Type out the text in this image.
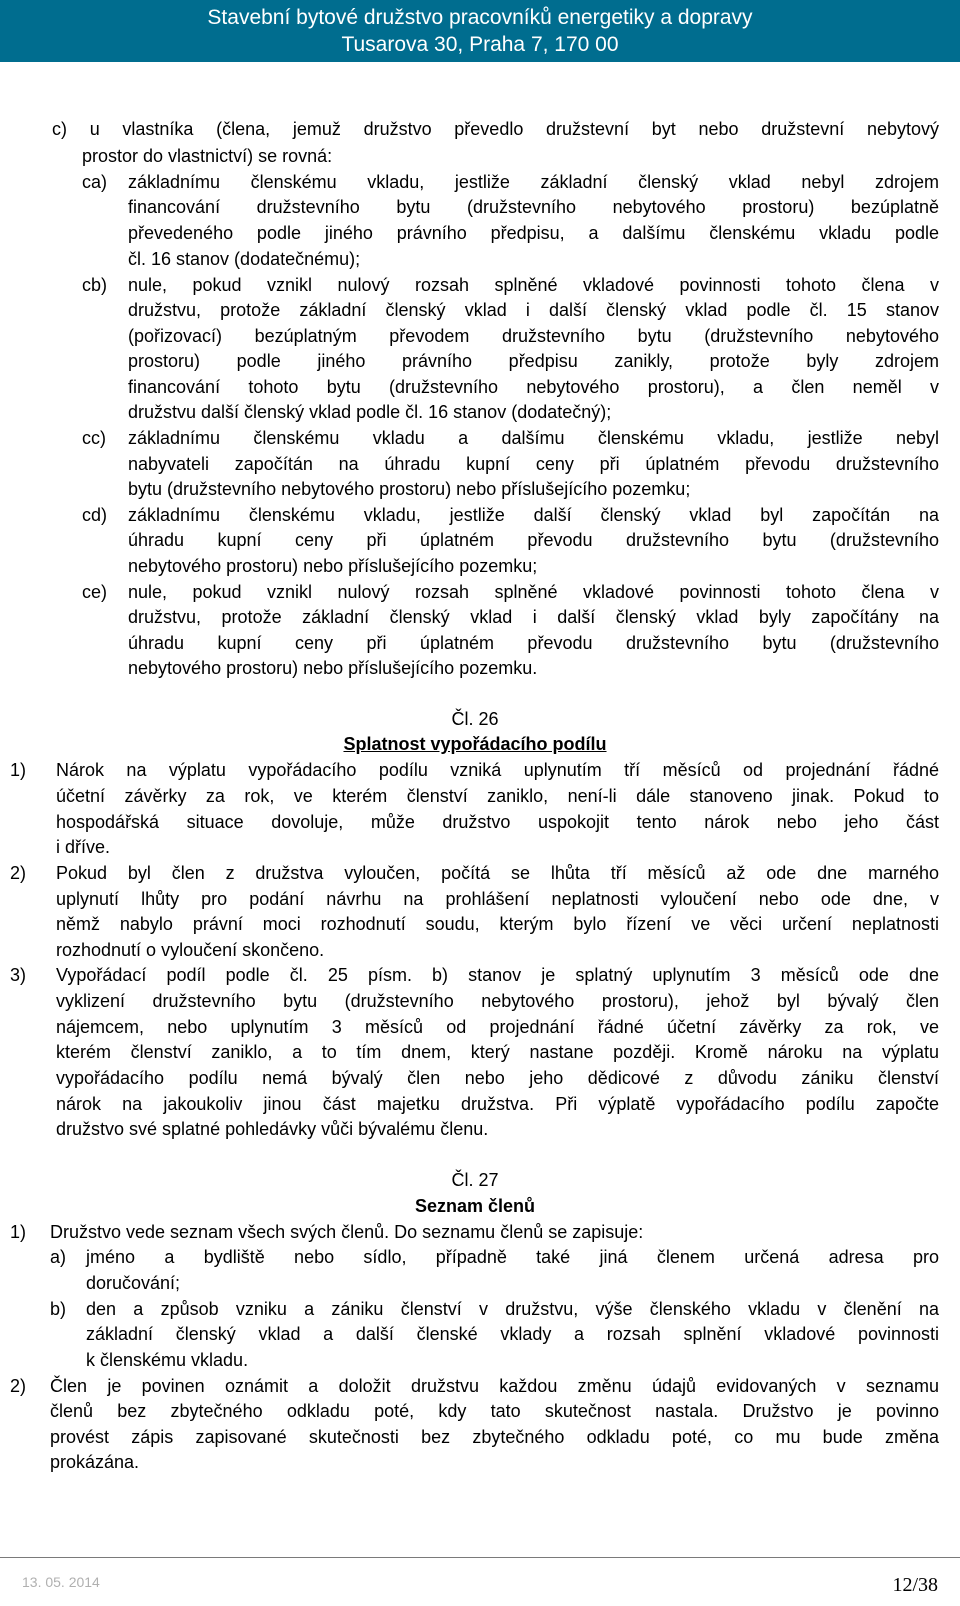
Stavební bytové družstvo pracovníků energetiky a dopravy
Tusarova 30, Praha 7, 170 00
c) u vlastníka (člena, jemuž družstvo převedlo družstevní byt nebo družstevní nebytový
prostor do vlastnictví) se rovná:
ca) základnímu členskému vkladu, jestliže základní členský vklad nebyl zdrojem
financování družstevního bytu (družstevního nebytového prostoru) bezúplatně
převedeného podle jiného právního předpisu, a dalšímu členskému vkladu podle
čl. 16 stanov (dodatečnému);
cb) nule, pokud vznikl nulový rozsah splněné vkladové povinnosti tohoto člena v
družstvu, protože základní členský vklad i další členský vklad podle čl. 15 stanov
(pořizovací) bezúplatným převodem družstevního bytu (družstevního nebytového
prostoru) podle jiného právního předpisu zanikly, protože byly zdrojem
financování tohoto bytu (družstevního nebytového prostoru), a člen neměl v
družstvu další členský vklad podle čl. 16 stanov (dodatečný);
cc) základnímu členskému vkladu a dalšímu členskému vkladu, jestliže nebyl
nabyvateli započítán na úhradu kupní ceny při úplatném převodu družstevního
bytu (družstevního nebytového prostoru) nebo příslušejícího pozemku;
cd) základnímu členskému vkladu, jestliže další členský vklad byl započítán na
úhradu kupní ceny při úplatném převodu družstevního bytu (družstevního
nebytového prostoru) nebo příslušejícího pozemku;
ce) nule, pokud vznikl nulový rozsah splněné vkladové povinnosti tohoto člena v
družstvu, protože základní členský vklad i další členský vklad byly započítány na
úhradu kupní ceny při úplatném převodu družstevního bytu (družstevního
nebytového prostoru) nebo příslušejícího pozemku.
Čl. 26
Splatnost vypořádacího podílu
1) Nárok na výplatu vypořádacího podílu vzniká uplynutím tří měsíců od projednání řádné
účetní závěrky za rok, ve kterém členství zaniklo, není-li dále stanoveno jinak. Pokud to
hospodářská situace dovoluje, může družstvo uspokojit tento nárok nebo jeho část
i dříve.
2) Pokud byl člen z družstva vyloučen, počítá se lhůta tří měsíců až ode dne marného
uplynutí lhůty pro podání návrhu na prohlášení neplatnosti vyloučení nebo ode dne, v
němž nabylo právní moci rozhodnutí soudu, kterým bylo řízení ve věci určení neplatnosti
rozhodnutí o vyloučení skončeno.
3) Vypořádací podíl podle čl. 25 písm. b) stanov je splatný uplynutím 3 měsíců ode dne
vyklizení družstevního bytu (družstevního nebytového prostoru), jehož byl bývalý člen
nájemcem, nebo uplynutím 3 měsíců od projednání řádné účetní závěrky za rok, ve
kterém členství zaniklo, a to tím dnem, který nastane později. Kromě nároku na výplatu
vypořádacího podílu nemá bývalý člen nebo jeho dědicové z důvodu zániku členství
nárok na jakoukoliv jinou část majetku družstva. Při výplatě vypořádacího podílu započte
družstvo své splatné pohledávky vůči bývalému členu.
Čl. 27
Seznam členů
1) Družstvo vede seznam všech svých členů. Do seznamu členů se zapisuje:
a) jméno a bydliště nebo sídlo, případně také jiná členem určená adresa pro
doručování;
b) den a způsob vzniku a zániku členství v družstvu, výše členského vkladu v členění na
základní členský vklad a další členské vklady a rozsah splnění vkladové povinnosti
k členskému vkladu.
2) Člen je povinen oznámit a doložit družstvu každou změnu údajů evidovaných v seznamu
členů bez zbytečného odkladu poté, kdy tato skutečnost nastala. Družstvo je povinno
provést zápis zapisované skutečnosti bez zbytečného odkladu poté, co mu bude změna
prokázána.
13. 05. 2014	12/38
